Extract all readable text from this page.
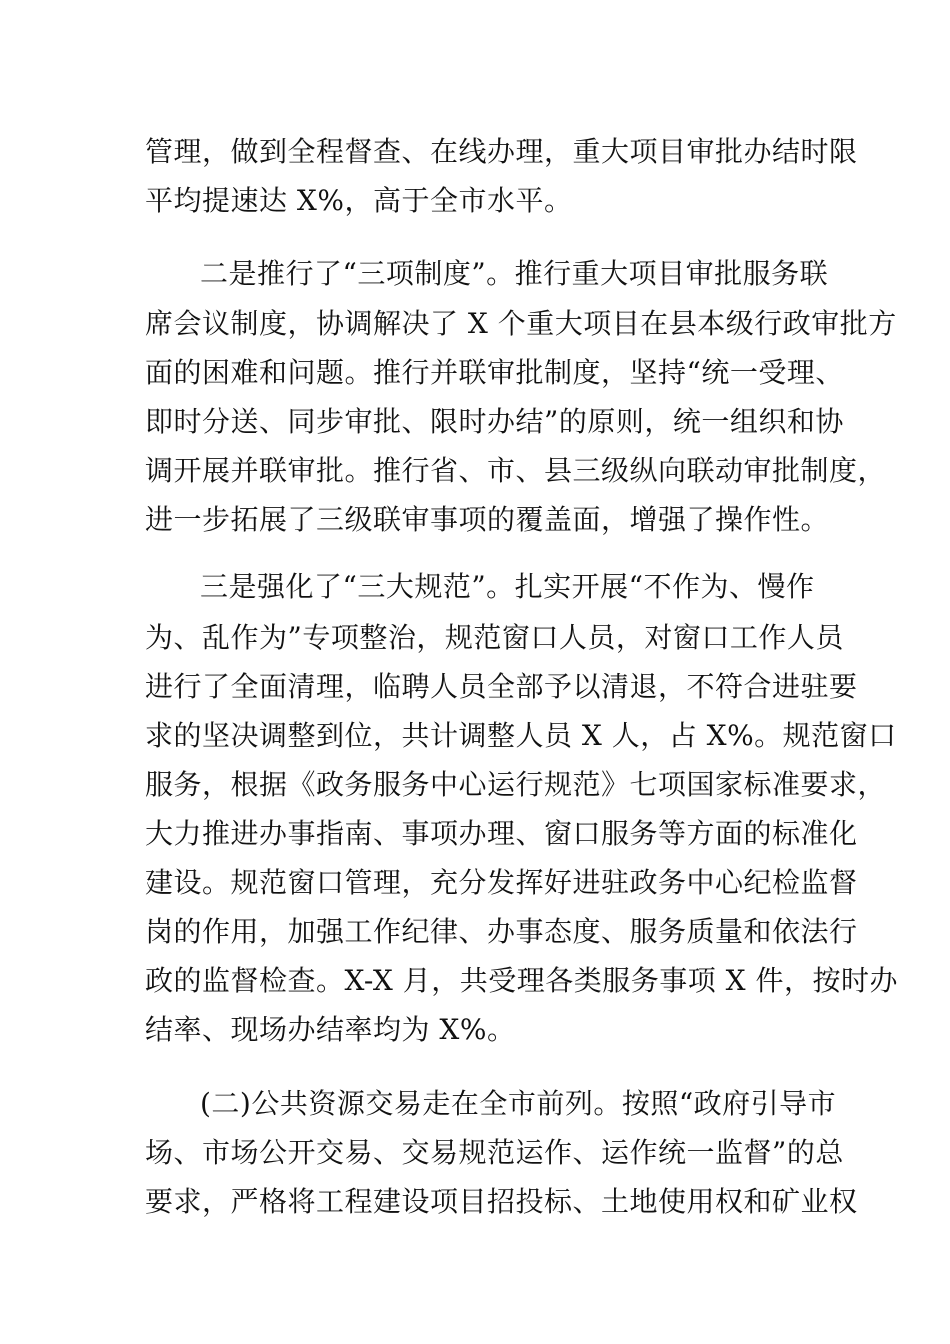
管理，做到全程督查、在线办理，重大项目审批办结时限
平均提速达 X%，高于全市水平。
二是推行了“三项制度”。推行重大项目审批服务联
席会议制度，协调解决了 X 个重大项目在县本级行政审批方
面的困难和问题。推行并联审批制度，坚持“统一受理、
即时分送、同步审批、限时办结”的原则，统一组织和协
调开展并联审批。推行省、市、县三级纵向联动审批制度，
进一步拓展了三级联审事项的覆盖面，增强了操作性。
三是强化了“三大规范”。扎实开展“不作为、慢作
为、乱作为”专项整治，规范窗口人员，对窗口工作人员
进行了全面清理，临聘人员全部予以清退，不符合进驻要
求的坚决调整到位，共计调整人员 X 人，占 X%。规范窗口
服务，根据《政务服务中心运行规范》七项国家标准要求，
大力推进办事指南、事项办理、窗口服务等方面的标准化
建设。规范窗口管理，充分发挥好进驻政务中心纪检监督
岗的作用，加强工作纪律、办事态度、服务质量和依法行
政的监督检查。X-X 月，共受理各类服务事项 X 件，按时办
结率、现场办结率均为 X%。
(二)公共资源交易走在全市前列。按照“政府引导市
场、市场公开交易、交易规范运作、运作统一监督”的总
要求，严格将工程建设项目招投标、土地使用权和矿业权
